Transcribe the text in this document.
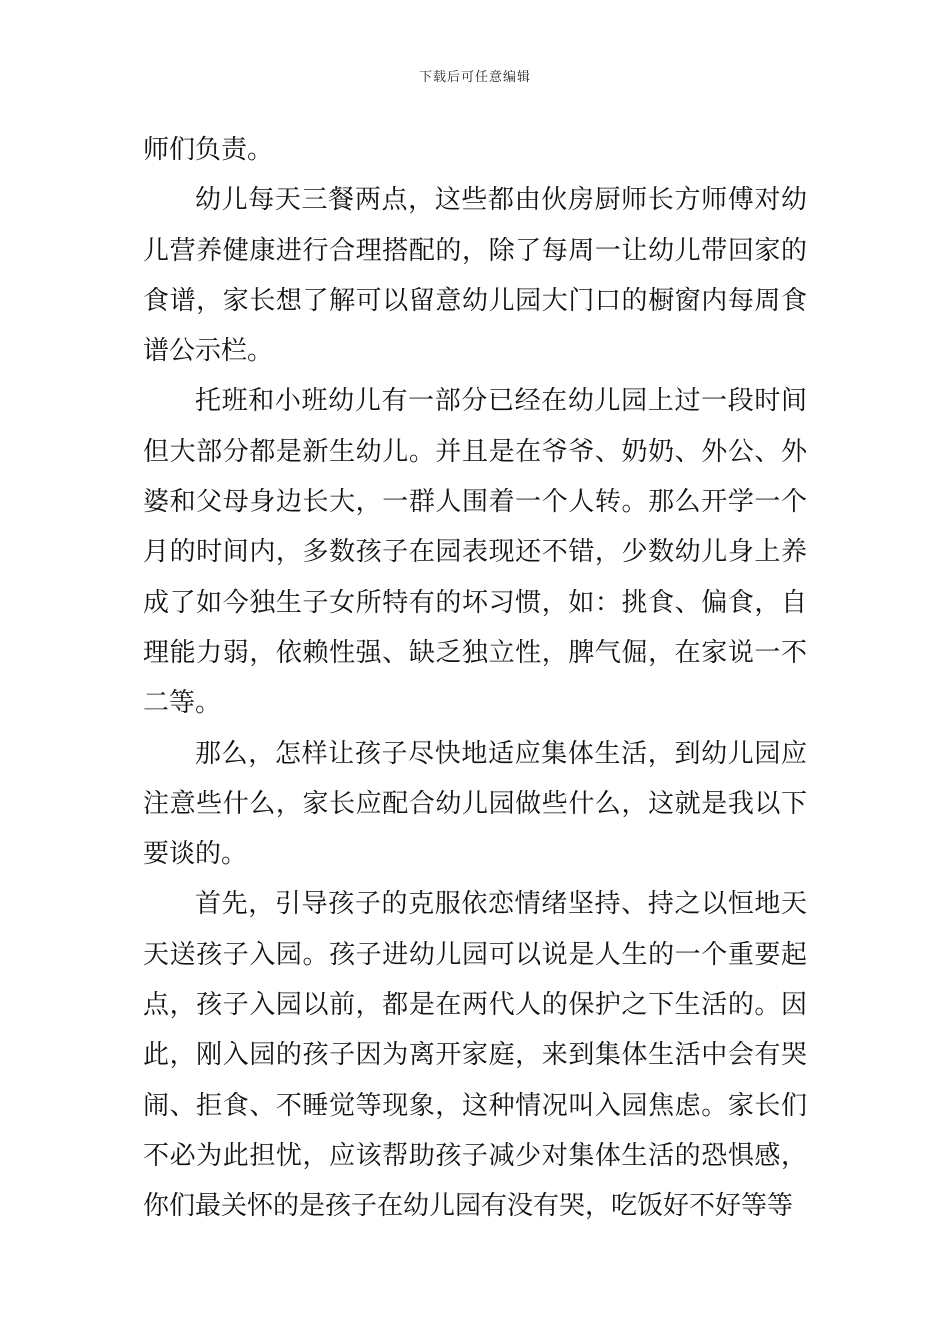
下载后可任意编辑

师们负责。

幼儿每天三餐两点，这些都由伙房厨师长方师傅对幼儿营养健康进行合理搭配的，除了每周一让幼儿带回家的食谱，家长想了解可以留意幼儿园大门口的橱窗内每周食谱公示栏。

托班和小班幼儿有一部分已经在幼儿园上过一段时间但大部分都是新生幼儿。并且是在爷爷、奶奶、外公、外婆和父母身边长大，一群人围着一个人转。那么开学一个月的时间内，多数孩子在园表现还不错，少数幼儿身上养成了如今独生子女所特有的坏习惯，如：挑食、偏食，自理能力弱，依赖性强、缺乏独立性，脾气倔，在家说一不二等。

那么，怎样让孩子尽快地适应集体生活，到幼儿园应注意些什么，家长应配合幼儿园做些什么，这就是我以下要谈的。

首先，引导孩子的克服依恋情绪坚持、持之以恒地天天送孩子入园。孩子进幼儿园可以说是人生的一个重要起点，孩子入园以前，都是在两代人的保护之下生活的。因此，刚入园的孩子因为离开家庭，来到集体生活中会有哭闹、拒食、不睡觉等现象，这种情况叫入园焦虑。家长们不必为此担忧，应该帮助孩子减少对集体生活的恐惧感，你们最关怀的是孩子在幼儿园有没有哭，吃饭好不好等等
